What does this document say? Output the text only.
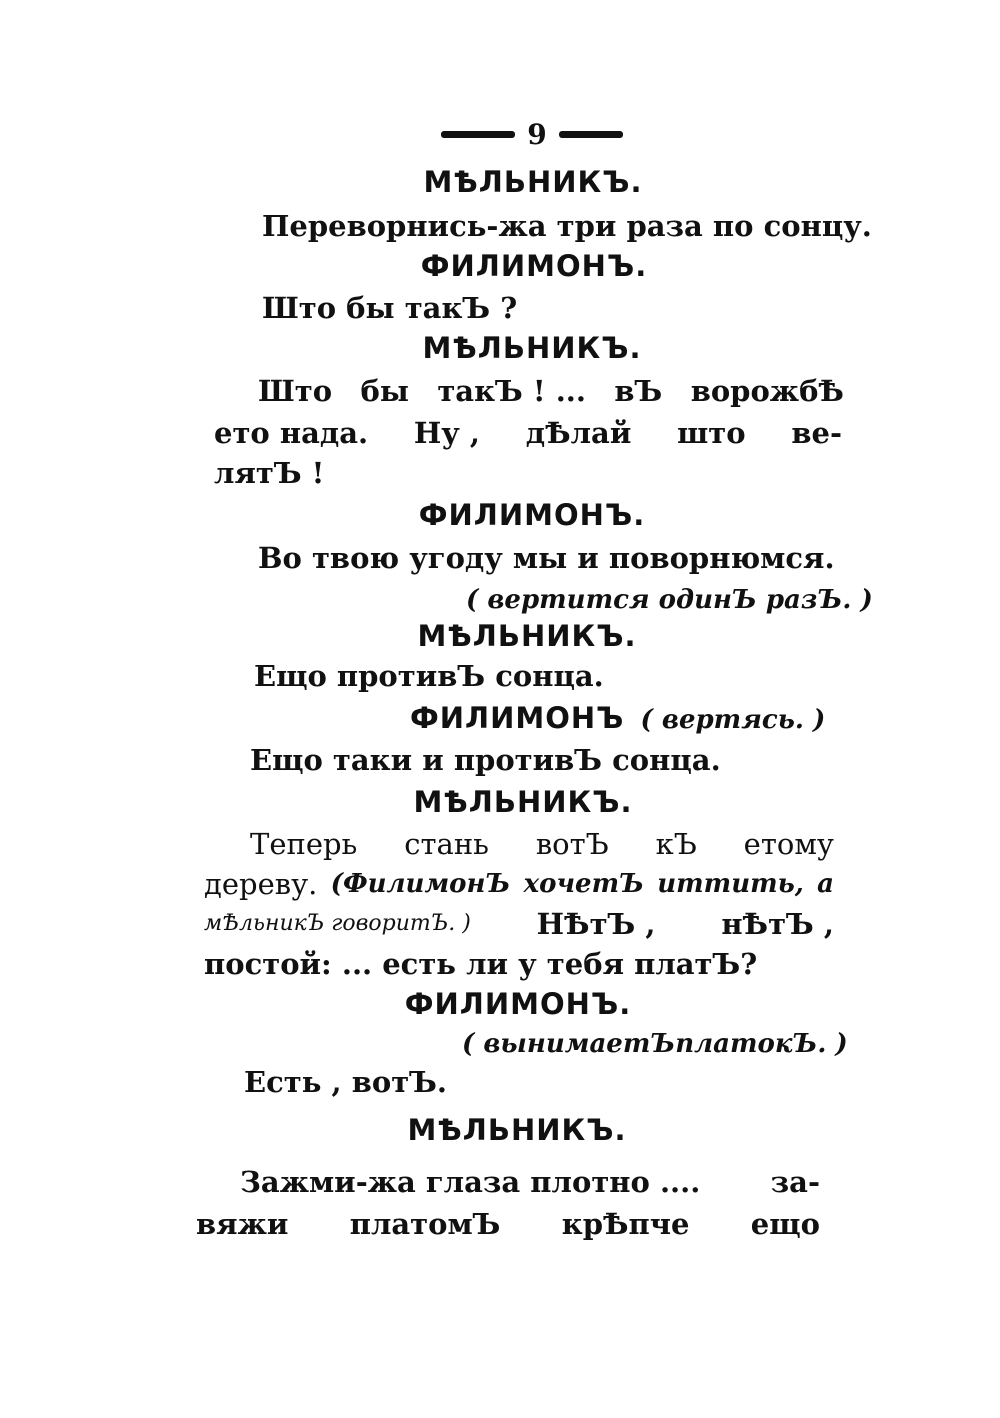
9
МѢЛЬНИКЪ.
Переворнись-жа три раза по сонцу.
ФИЛИМОНЪ.
Што бы такЪ ?
МѢЛЬНИКЪ.
Што бы такЪ ! ... вЪ ворожбѢ
ето нада. Ну , дѢлай што ве-
лятЪ !
ФИЛИМОНЪ.
Во твою угоду мы и поворнюмся.
( вертится одинЪ разЪ. )
МѢЛЬНИКЪ.
Ещо противЪ сонца.
ФИЛИМОНЪ ( вертясь. )
Ещо таки и противЪ сонца.
МѢЛЬНИКЪ.
Теперь стань вотЪ кЪ етому
дереву. (ФилимонЪ хочетЪ иттить, а
мѢльникЪ говоритЪ. ) НѢтЪ , нѢтЪ ,
постой: ... есть ли у тебя платЪ?
ФИЛИМОНЪ.
( вынимаетЪ платокЪ. )
Есть , вотЪ.
МѢЛЬНИКЪ.
Зажми-жа глаза плотно .... за-
вяжи платомЪ крѢпче ещо
